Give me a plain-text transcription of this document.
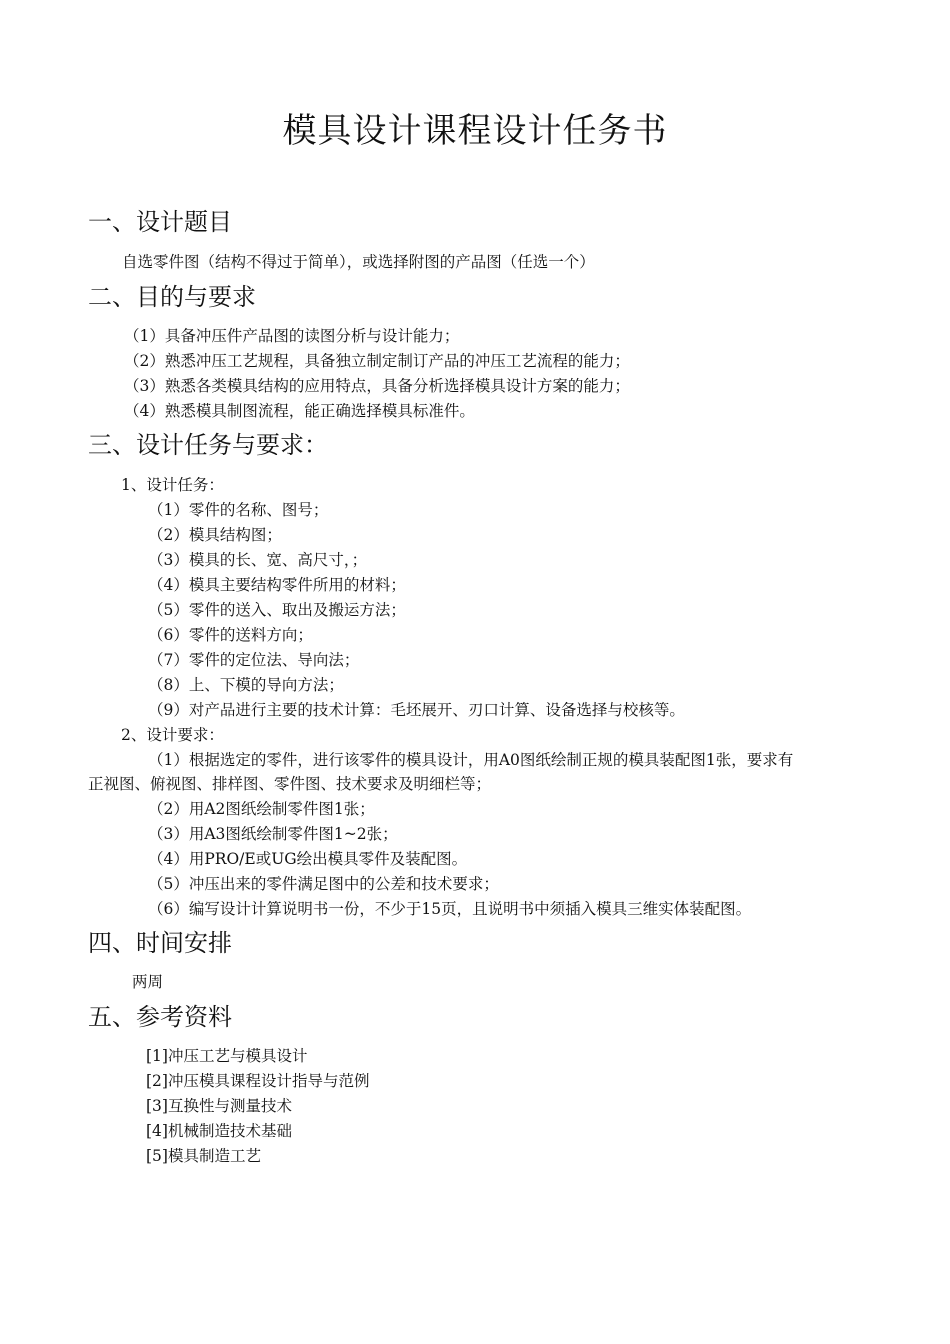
模具设计课程设计任务书
一、设计题目
自选零件图（结构不得过于简单），或选择附图的产品图（任选一个）
二、目的与要求
（1）具备冲压件产品图的读图分析与设计能力；
（2）熟悉冲压工艺规程，具备独立制定制订产品的冲压工艺流程的能力；
（3）熟悉各类模具结构的应用特点，具备分析选择模具设计方案的能力；
（4）熟悉模具制图流程，能正确选择模具标准件。
三、设计任务与要求：
1、设计任务：
（1）零件的名称、图号；
（2）模具结构图；
（3）模具的长、宽、高尺寸，；
（4）模具主要结构零件所用的材料；
（5）零件的送入、取出及搬运方法；
（6）零件的送料方向；
（7）零件的定位法、导向法；
（8）上、下模的导向方法；
（9）对产品进行主要的技术计算：毛坯展开、刃口计算、设备选择与校核等。
2、设计要求：
（1）根据选定的零件，进行该零件的模具设计，用A0图纸绘制正规的模具装配图1张，要求有
正视图、俯视图、排样图、零件图、技术要求及明细栏等；
（2）用A2图纸绘制零件图1张；
（3）用A3图纸绘制零件图1~2张；
（4）用PRO/E或UG绘出模具零件及装配图。
（5）冲压出来的零件满足图中的公差和技术要求；
（6）编写设计计算说明书一份，不少于15页，且说明书中须插入模具三维实体装配图。
四、时间安排
两周
五、参考资料
[1]冲压工艺与模具设计
[2]冲压模具课程设计指导与范例
[3]互换性与测量技术
[4]机械制造技术基础
[5]模具制造工艺
